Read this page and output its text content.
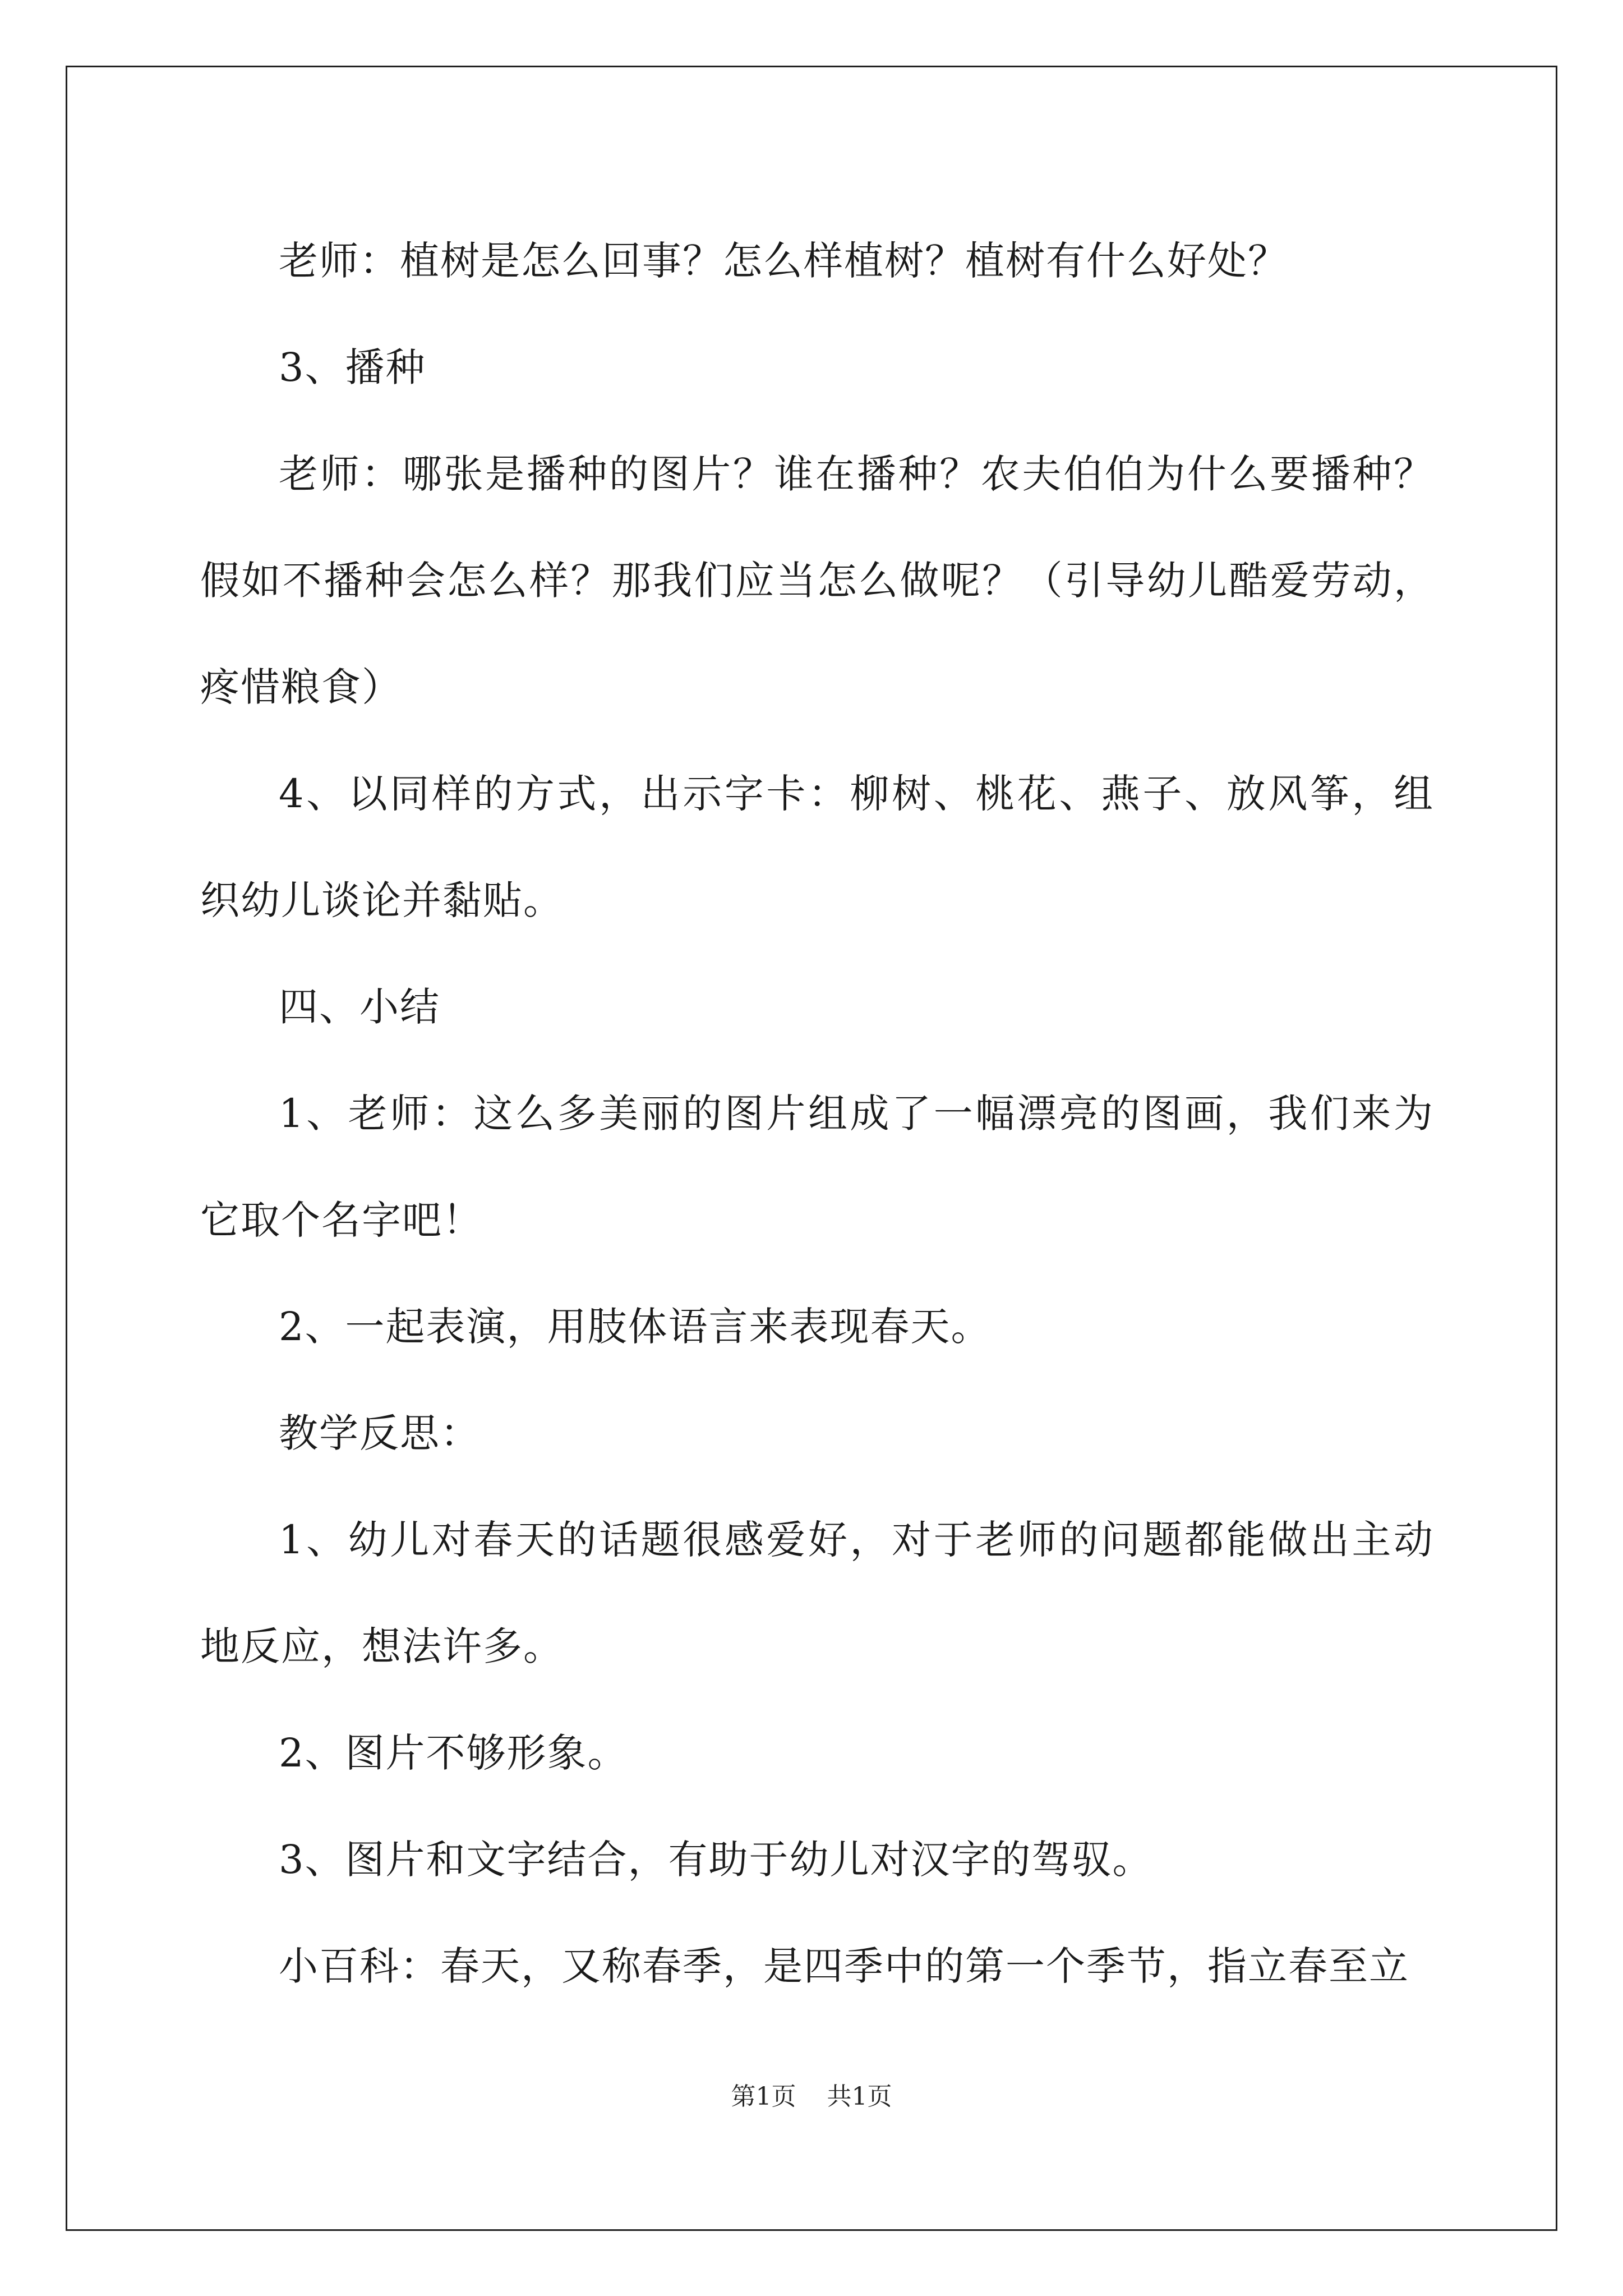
老师：植树是怎么回事？怎么样植树？植树有什么好处？

3、播种

老师：哪张是播种的图片？谁在播种？农夫伯伯为什么要播种？假如不播种会怎么样？那我们应当怎么做呢？（引导幼儿酷爱劳动，疼惜粮食）

4、以同样的方式，出示字卡：柳树、桃花、燕子、放风筝，组织幼儿谈论并黏贴。

四、小结

1、老师：这么多美丽的图片组成了一幅漂亮的图画，我们来为它取个名字吧！

2、一起表演，用肢体语言来表现春天。

教学反思：

1、幼儿对春天的话题很感爱好，对于老师的问题都能做出主动地反应，想法许多。

2、图片不够形象。

3、图片和文字结合，有助于幼儿对汉字的驾驭。

小百科：春天，又称春季，是四季中的第一个季节，指立春至立

第1页 共1页
